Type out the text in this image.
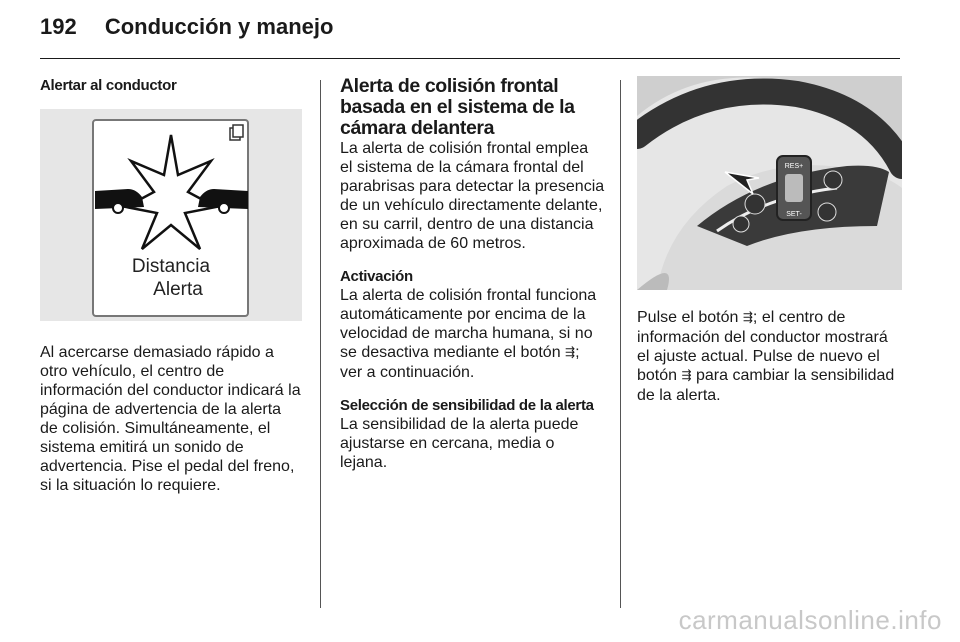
192 Conducción y manejo
Alertar al conductor
Distancia
Alerta

Al acercarse demasiado rápido a otro vehículo, el centro de información del conductor indicará la página de advertencia de la alerta de colisión. Simultáneamente, el sistema emitirá un sonido de advertencia. Pise el pedal del freno, si la situación lo requiere.

Alerta de colisión frontal basada en el sistema de la cámara delantera

La alerta de colisión frontal emplea el sistema de la cámara frontal del parabrisas para detectar la presencia de un vehículo directamente delante, en su carril, dentro de una distancia aproximada de 60 metros.

Activación

La alerta de colisión frontal funciona automáticamente por encima de la velocidad de marcha humana, si no se desactiva mediante el botón ⇶; ver a continuación.

Selección de sensibilidad de la alerta

La sensibilidad de la alerta puede ajustarse en cercana, media o lejana.

RES+
SET-

Pulse el botón ⇶; el centro de información del conductor mostrará el ajuste actual. Pulse de nuevo el botón ⇶ para cambiar la sensibilidad de la alerta.

carmanualsonline.info
